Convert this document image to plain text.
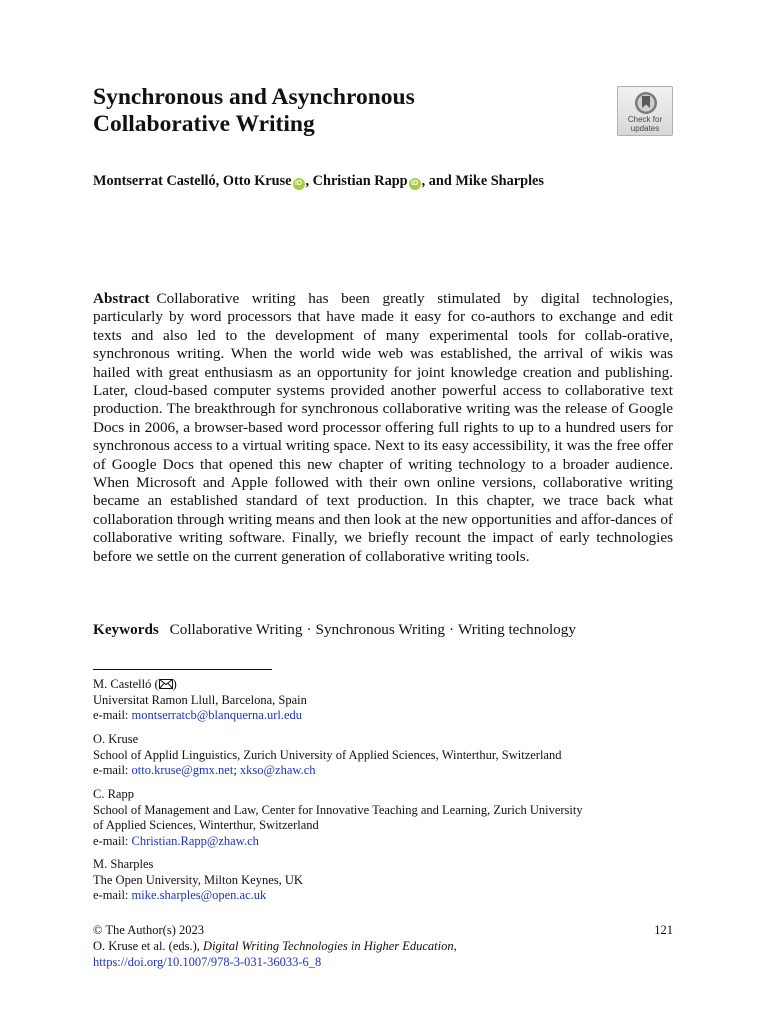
Synchronous and Asynchronous
Collaborative Writing	Check for
updates
Montserrat Castelló, Otto Kruse iD , Christian Rapp iD , and Mike Sharples

Abstract Collaborative writing has been greatly stimulated by digital technologies, particularly by word processors that have made it easy for co-authors to exchange and edit texts and also led to the development of many experimental tools for collab-orative, synchronous writing. When the world wide web was established, the arrival of wikis was hailed with great enthusiasm as an opportunity for joint knowledge creation and publishing. Later, cloud-based computer systems provided another powerful access to collaborative text production. The breakthrough for synchronous collaborative writing was the release of Google Docs in 2006, a browser-based word processor offering full rights to up to a hundred users for synchronous access to a virtual writing space. Next to its easy accessibility, it was the free offer of Google Docs that opened this new chapter of writing technology to a broader audience. When Microsoft and Apple followed with their own online versions, collaborative writing became an established standard of text production. In this chapter, we trace back what collaboration through writing means and then look at the new opportunities and affor-dances of collaborative writing software. Finally, we briefly recount the impact of early technologies before we settle on the current generation of collaborative writing tools.

Keywords Collaborative Writing · Synchronous Writing · Writing technology
M. Castelló ( )
Universitat Ramon Llull, Barcelona, Spain
e-mail: montserratcb@blanquerna.url.edu
O. Kruse
School of Applid Linguistics, Zurich University of Applied Sciences, Winterthur, Switzerland
e-mail: otto.kruse@gmx.net; xkso@zhaw.ch
C. Rapp
School of Management and Law, Center for Innovative Teaching and Learning, Zurich University
of Applied Sciences, Winterthur, Switzerland
e-mail: Christian.Rapp@zhaw.ch
M. Sharples
The Open University, Milton Keynes, UK
e-mail: mike.sharples@open.ac.uk
© The Author(s) 2023	121
O. Kruse et al. (eds.), Digital Writing Technologies in Higher Education,
https://doi.org/10.1007/978-3-031-36033-6_8
